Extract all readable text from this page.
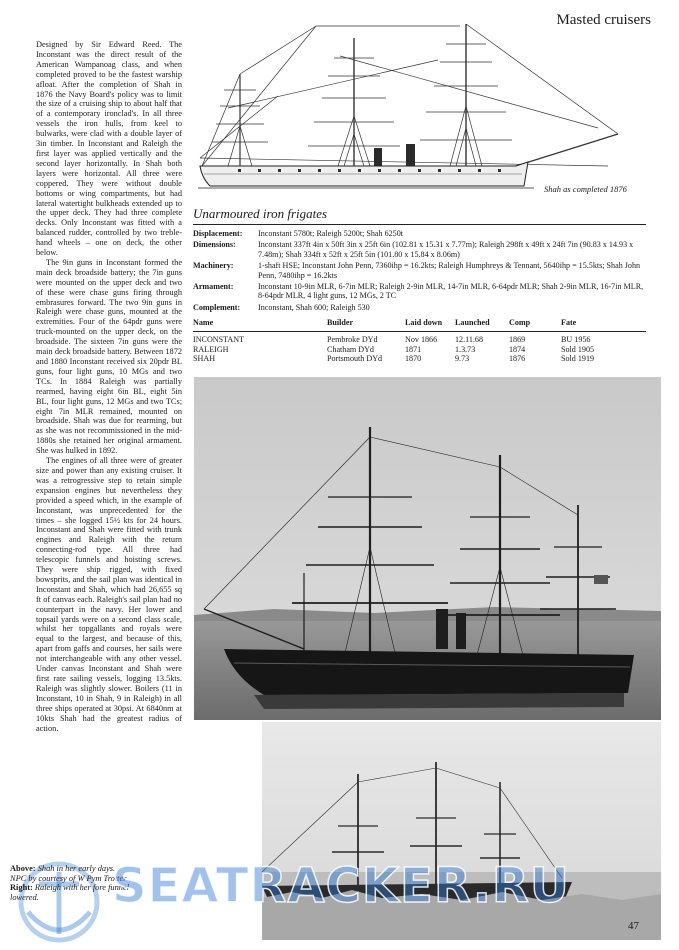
Masted cruisers

Designed by Sir Edward Reed. The Inconstant was the direct result of the American Wampanoag class, and when completed proved to be the fastest warship afloat. After the completion of Shah in 1876 the Navy Board's policy was to limit the size of a cruising ship to about half that of a contemporary ironclad's. In all three vessels the iron hulls, from keel to bulwarks, were clad with a double layer of 3in timber. In Inconstant and Raleigh the first layer was applied vertically and the second layer horizontally. In Shah both layers were horizontal. All three were coppered. They were without double bottoms or wing compartments, but had lateral watertight bulkheads extended up to the upper deck. They had three complete decks. Only Inconstant was fitted with a balanced rudder, controlled by two treble-hand wheels – one on deck, the other below.

The 9in guns in Inconstant formed the main deck broadside battery; the 7in guns were mounted on the upper deck and two of these were chase guns firing through embrasures forward. The two 9in guns in Raleigh were chase guns, mounted at the extremities. Four of the 64pdr guns were truck-mounted on the upper deck, on the broadside. The sixteen 7in guns were the main deck broadside battery. Between 1872 and 1880 Inconstant received six 20pdr BL guns, four light guns, 10 MGs and two TCs. In 1884 Raleigh was partially rearmed, having eight 6in BL, eight 5in BL, four light guns, 12 MGs and two TCs; eight 7in MLR remained, mounted on broadside. Shah was due for rearming, but as she was not recommissioned in the mid-1880s she retained her original armament. She was hulked in 1892.

The engines of all three were of greater size and power than any existing cruiser. It was a retrogressive step to retain simple expansion engines but nevertheless they provided a speed which, in the example of Inconstant, was unprecedented for the times – she logged 15½ kts for 24 hours. Inconstant and Shah were fitted with trunk engines and Raleigh with the return connecting-rod type. All three had telescopic funnels and hoisting screws. They were ship rigged, with fixed bowsprits, and the sail plan was identical in Inconstant and Shah, which had 26,655 sq ft of canvas each. Raleigh's sail plan had no counterpart in the navy. Her lower and topsail yards were on a second class scale, whilst her topgallants and royals were equal to the largest, and because of this, apart from gaffs and courses, her sails were not interchangeable with any other vessel. Under canvas Inconstant and Shah were first rate sailing vessels, logging 13.5kts. Raleigh was slightly slower. Boilers (11 in Inconstant, 10 in Shah, 9 in Raleigh) in all three ships operated at 30psi. At 6840nm at 10kts Shah had the greatest radius of action.

Shah as completed 1876
Unarmoured iron frigates
Displacement:	Inconstant 5780t; Raleigh 5200t; Shah 6250t
Dimensions:	Inconstant 337ft 4in x 50ft 3in x 25ft 6in (102.81 x 15.31 x 7.77m); Raleigh 298ft x 49ft x 24ft 7in (90.83 x 14.93 x 7.48m); Shah 334ft x 52ft x 25ft 5in (101.80 x 15.84 x 8.06m)
Machinery:	1-shaft HSE; Inconstant John Penn, 7360ihp = 16.2kts; Raleigh Humphreys & Tennant, 5640ihp = 15.5kts; Shah John Penn, 7480ihp = 16.2kts
Armament:	Inconstant 10-9in MLR, 6-7in MLR; Raleigh 2-9in MLR, 14-7in MLR, 6-64pdr MLR; Shah 2-9in MLR, 16-7in MLR, 8-64pdr MLR, 4 light guns, 12 MGs, 2 TC
Complement:	Inconstant, Shah 600; Raleigh 530
Name	Builder	Laid down	Launched	Comp	Fate
INCONSTANT	Pembroke DYd	Nov 1866	12.11.68	1869	BU 1956
RALEIGH	Chatham DYd	1871	1.3.73	1874	Sold 1905
SHAH	Portsmouth DYd	1870	9.73	1876	Sold 1919
Above: Shah in her early days.
NPC by courtesy of W Pym Trotter
Right: Raleigh with her fore funnel lowered.	SEATRACKER.RU
47
